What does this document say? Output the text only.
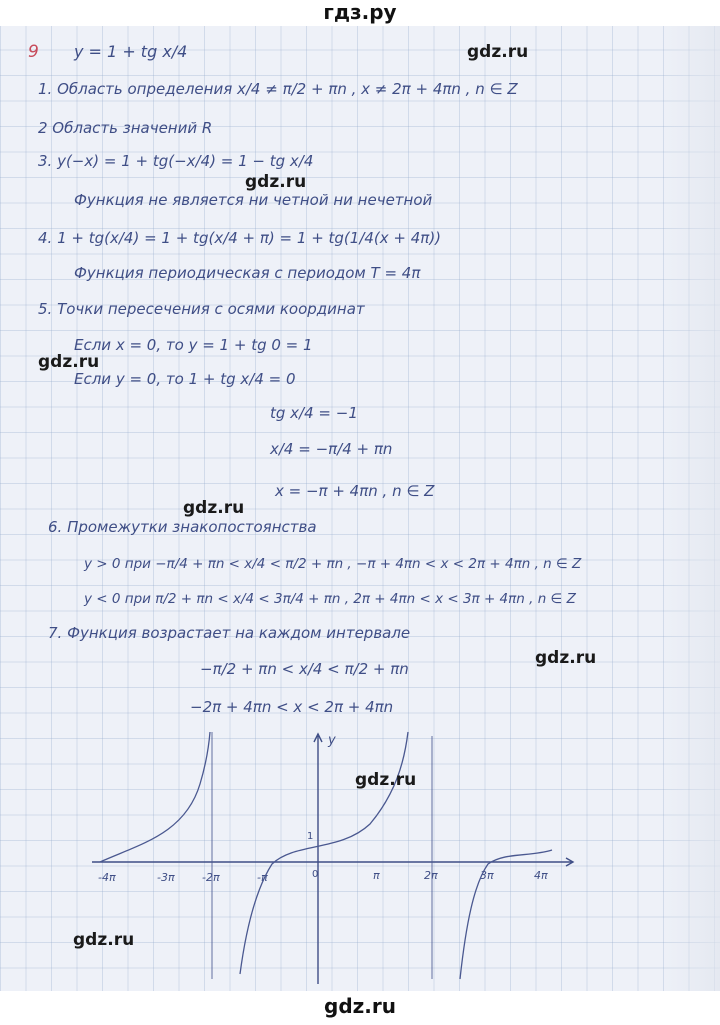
гдз.ру
9 y = 1 + tg x/4	gdz.ru
1. Область определения x/4 ≠ π/2 + πn , x ≠ 2π + 4πn , n ∈ Z
2 Область значений R
3. y(−x) = 1 + tg(−x/4) = 1 − tg x/4
gdz.ru
Функция не является ни четной ни нечетной
4. 1 + tg(x/4) = 1 + tg(x/4 + π) = 1 + tg(1/4(x + 4π))
Функция периодическая с периодом T = 4π
5. Точки пересечения с осями координат
Если x = 0, то y = 1 + tg 0 = 1
gdz.ru
Если y = 0, то 1 + tg x/4 = 0
tg x/4 = −1
x/4 = −π/4 + πn
gdz.ru
x = −π + 4πn , n ∈ Z
6. Промежутки знакопостоянства
y > 0 при −π/4 + πn < x/4 < π/2 + πn , −π + 4πn < x < 2π + 4πn , n ∈ Z
y < 0 при π/2 + πn < x/4 < 3π/4 + πn , 2π + 4πn < x < 3π + 4πn , n ∈ Z
7. Функция возрастает на каждом интервале
gdz.ru
−π/2 + πn < x/4 < π/2 + πn
−2π + 4πn < x < 2π + 4πn
y
1
0
-4π	-3π -2π	-π	π	2π	3π	4π
gdz.ru
gdz.ru
gdz.ru
